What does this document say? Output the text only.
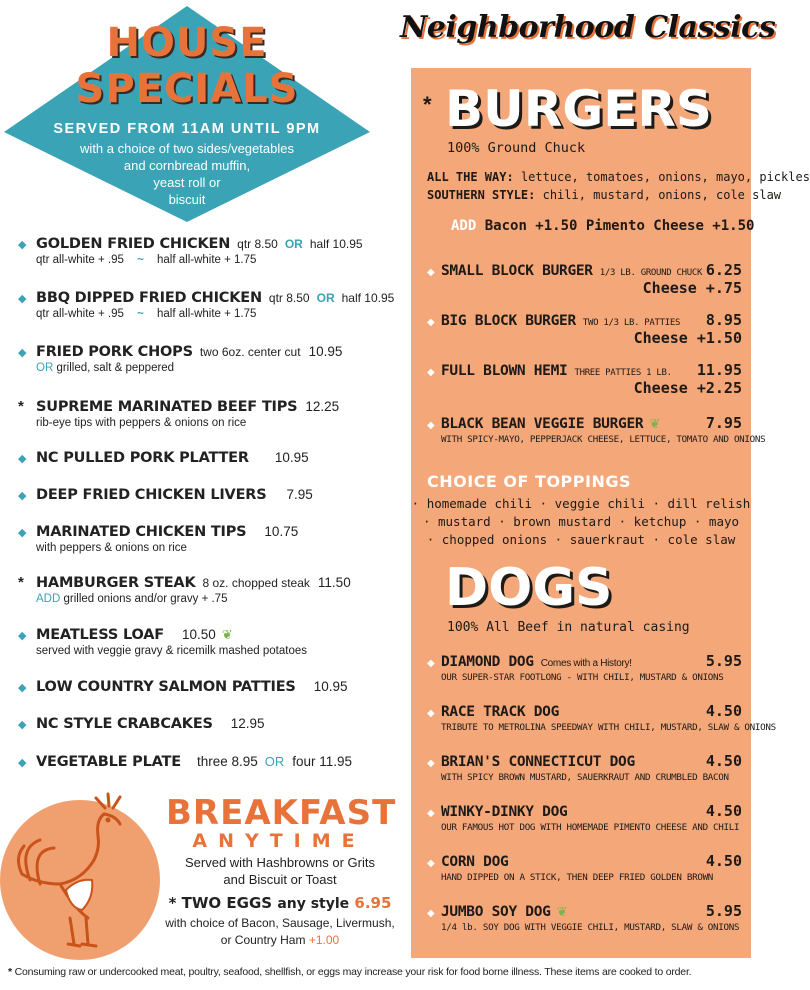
HOUSE
SPECIALS
SERVED FROM 11AM UNTIL 9PM
with a choice of two sides/vegetables
and cornbread muffin,
yeast roll or
biscuit
◆ GOLDEN FRIED CHICKEN qtr 8.50 OR half 10.95
qtr all-white + .95 ~ half all-white + 1.75
◆ BBQ DIPPED FRIED CHICKEN qtr 8.50 OR half 10.95
qtr all-white + .95 ~ half all-white + 1.75
◆ FRIED PORK CHOPS two 6oz. center cut 10.95
OR grilled, salt & peppered
* SUPREME MARINATED BEEF TIPS 12.25
rib-eye tips with peppers & onions on rice
◆ NC PULLED PORK PLATTER 10.95
◆ DEEP FRIED CHICKEN LIVERS 7.95
◆ MARINATED CHICKEN TIPS 10.75
with peppers & onions on rice
* HAMBURGER STEAK 8 oz. chopped steak 11.50
ADD grilled onions and/or gravy + .75
◆ MEATLESS LOAF 10.50 ❦
served with veggie gravy & ricemilk mashed potatoes
◆ LOW COUNTRY SALMON PATTIES 10.95
◆ NC STYLE CRABCAKES 12.95
◆ VEGETABLE PLATE three 8.95 OR four 11.95
BREAKFAST
ANYTIME
Served with Hashbrowns or Grits
and Biscuit or Toast
* TWO EGGS any style 6.95
with choice of Bacon, Sausage, Livermush,
or Country Ham +1.00
Neighborhood Classics
* BURGERS
100% Ground Chuck
ALL THE WAY: lettuce, tomatoes, onions, mayo, pickles
SOUTHERN STYLE: chili, mustard, onions, cole slaw
ADD Bacon +1.50 Pimento Cheese +1.50
◆ SMALL BLOCK BURGER 1/3 LB. GROUND CHUCK 6.25
Cheese +.75
◆ BIG BLOCK BURGER TWO 1/3 LB. PATTIES 8.95
Cheese +1.50
◆ FULL BLOWN HEMI THREE PATTIES 1 LB. 11.95
Cheese +2.25
◆ BLACK BEAN VEGGIE BURGER ❦	7.95
WITH SPICY-MAYO, PEPPERJACK CHEESE, LETTUCE, TOMATO AND ONIONS
CHOICE OF TOPPINGS
· homemade chili · veggie chili · dill relish
· mustard · brown mustard · ketchup · mayo
· chopped onions · sauerkraut · cole slaw
DOGS
100% All Beef in natural casing
◆ DIAMOND DOG Comes with a History!	5.95
OUR SUPER-STAR FOOTLONG - WITH CHILI, MUSTARD & ONIONS
◆ RACE TRACK DOG	4.50
TRIBUTE TO METROLINA SPEEDWAY WITH CHILI, MUSTARD, SLAW & ONIONS
◆ BRIAN'S CONNECTICUT DOG	4.50
WITH SPICY BROWN MUSTARD, SAUERKRAUT AND CRUMBLED BACON
◆ WINKY-DINKY DOG	4.50
OUR FAMOUS HOT DOG WITH HOMEMADE PIMENTO CHEESE AND CHILI
◆ CORN DOG	4.50
HAND DIPPED ON A STICK, THEN DEEP FRIED GOLDEN BROWN
◆ JUMBO SOY DOG ❦	5.95
1/4 lb. SOY DOG WITH VEGGIE CHILI, MUSTARD, SLAW & ONIONS
* Consuming raw or undercooked meat, poultry, seafood, shellfish, or eggs may increase your risk for food borne illness. These items are cooked to order.
